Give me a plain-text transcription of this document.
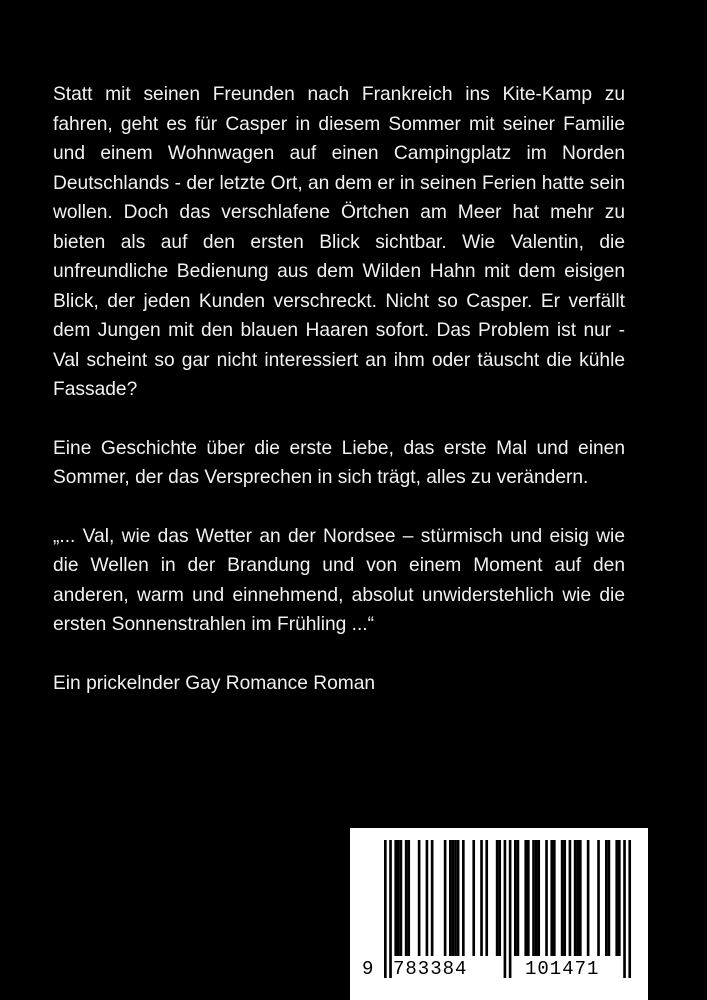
Statt mit seinen Freunden nach Frankreich ins Kite-Kamp zu fahren, geht es für Casper in diesem Sommer mit seiner Familie und einem Wohnwagen auf einen Campingplatz im Norden Deutschlands - der letzte Ort, an dem er in seinen Ferien hatte sein wollen. Doch das verschlafene Örtchen am Meer hat mehr zu bieten als auf den ersten Blick sichtbar. Wie Valentin, die unfreundliche Bedienung aus dem Wilden Hahn mit dem eisigen Blick, der jeden Kunden verschreckt. Nicht so Casper. Er verfällt dem Jungen mit den blauen Haaren sofort. Das Problem ist nur - Val scheint so gar nicht interessiert an ihm oder täuscht die kühle Fassade?

Eine Geschichte über die erste Liebe, das erste Mal und einen Sommer, der das Versprechen in sich trägt, alles zu verändern.

„... Val, wie das Wetter an der Nordsee – stürmisch und eisig wie die Wellen in der Brandung und von einem Moment auf den anderen, warm und einnehmend, absolut unwiderstehlich wie die ersten Sonnenstrahlen im Frühling ...“

Ein prickelnder Gay Romance Roman

9 783384	101471
